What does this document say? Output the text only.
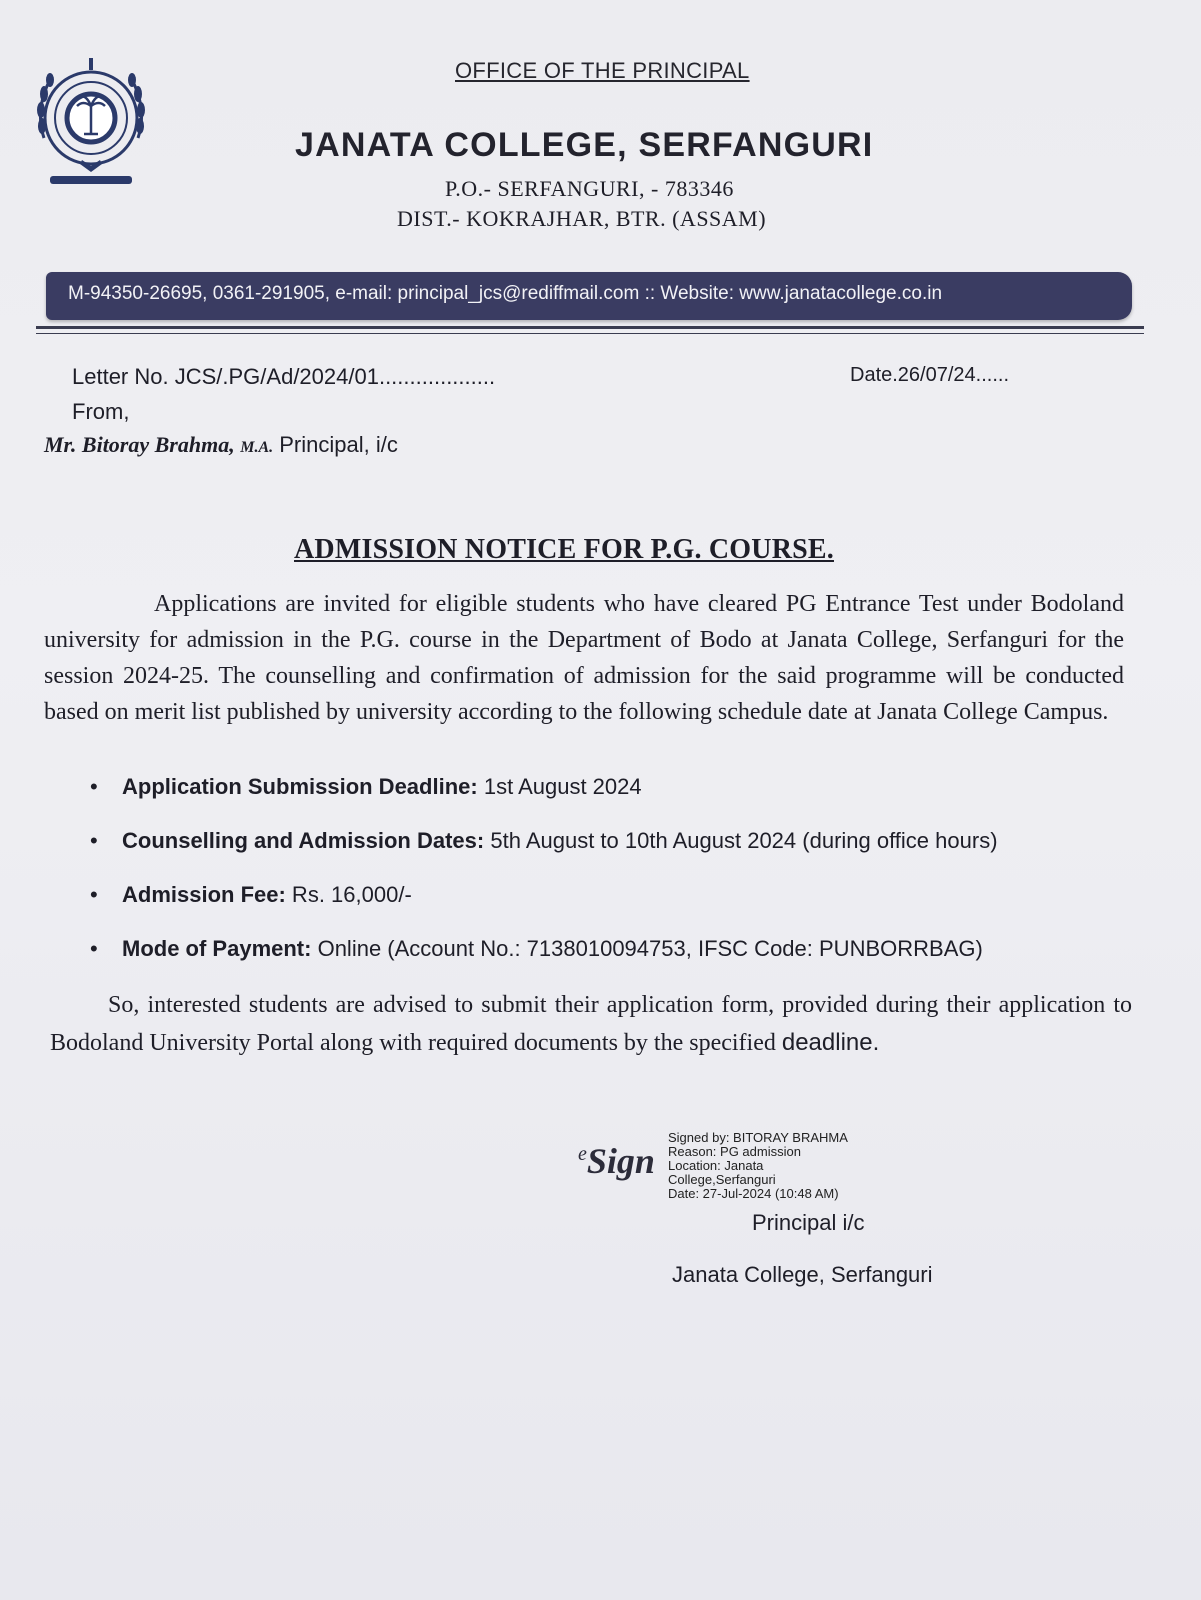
OFFICE OF THE PRINCIPAL
JANATA COLLEGE, SERFANGURI
P.O.- SERFANGURI, - 783346
DIST.- KOKRAJHAR, BTR. (ASSAM)
M-94350-26695, 0361-291905, e-mail: principal_jcs@rediffmail.com :: Website: www.janatacollege.co.in
Letter No. JCS/.PG/Ad/2024/01...................	Date.26/07/24......
From,
Mr. Bitoray Brahma, M.A. Principal, i/c
ADMISSION NOTICE FOR P.G. COURSE.
Applications are invited for eligible students who have cleared PG Entrance Test under Bodoland university for admission in the P.G. course in the Department of Bodo at Janata College, Serfanguri for the session 2024-25. The counselling and confirmation of admission for the said programme will be conducted based on merit list published by university according to the following schedule date at Janata College Campus.
• Application Submission Deadline: 1st August 2024
• Counselling and Admission Dates: 5th August to 10th August 2024 (during office hours)
• Admission Fee: Rs. 16,000/-
• Mode of Payment: Online (Account No.: 7138010094753, IFSC Code: PUNBORRBAG)
So, interested students are advised to submit their application form, provided during their application to Bodoland University Portal along with required documents by the specified deadline.
$^e$Sign
Signed by: BITORAY BRAHMA
Reason: PG admission
Location: Janata
College,Serfanguri
Date: 27-Jul-2024 (10:48 AM)
Principal i/c
Janata College, Serfanguri
